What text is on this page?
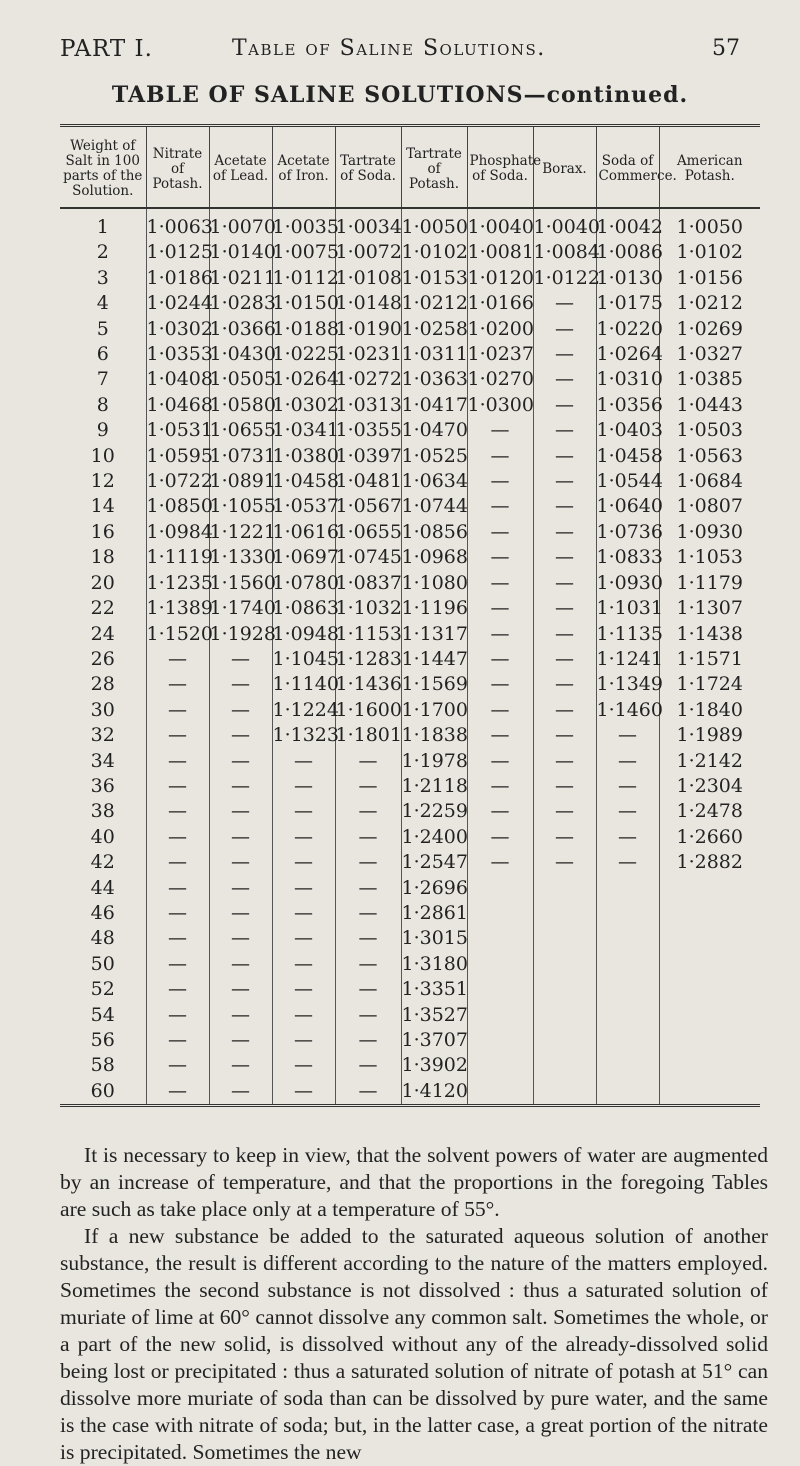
PART I.	Table of Saline Solutions.	57
TABLE OF SALINE SOLUTIONS—continued.
Weight of Salt in 100 parts of the Solution.	Nitrate of Potash.	Acetate of Lead.	Acetate of Iron.	Tartrate of Soda.	Tartrate of Potash.	Phosphate of Soda.	Borax.	Soda of Commerce.	American Potash.
1	1·0063	1·0070	1·0035	1·0034	1·0050	1·0040	1·0040	1·0042	1·0050
2	1·0125	1·0140	1·0075	1·0072	1·0102	1·0081	1·0084	1·0086	1·0102
3	1·0186	1·0211	1·0112	1·0108	1·0153	1·0120	1·0122	1·0130	1·0156
4	1·0244	1·0283	1·0150	1·0148	1·0212	1·0166	—	1·0175	1·0212
5	1·0302	1·0366	1·0188	1·0190	1·0258	1·0200	—	1·0220	1·0269
6	1·0353	1·0430	1·0225	1·0231	1·0311	1·0237	—	1·0264	1·0327
7	1·0408	1·0505	1·0264	1·0272	1·0363	1·0270	—	1·0310	1·0385
8	1·0468	1·0580	1·0302	1·0313	1·0417	1·0300	—	1·0356	1·0443
9	1·0531	1·0655	1·0341	1·0355	1·0470	—	—	1·0403	1·0503
10	1·0595	1·0731	1·0380	1·0397	1·0525	—	—	1·0458	1·0563
12	1·0722	1·0891	1·0458	1·0481	1·0634	—	—	1·0544	1·0684
14	1·0850	1·1055	1·0537	1·0567	1·0744	—	—	1·0640	1·0807
16	1·0984	1·1221	1·0616	1·0655	1·0856	—	—	1·0736	1·0930
18	1·1119	1·1330	1·0697	1·0745	1·0968	—	—	1·0833	1·1053
20	1·1235	1·1560	1·0780	1·0837	1·1080	—	—	1·0930	1·1179
22	1·1389	1·1740	1·0863	1·1032	1·1196	—	—	1·1031	1·1307
24	1·1520	1·1928	1·0948	1·1153	1·1317	—	—	1·1135	1·1438
26	—	—	1·1045	1·1283	1·1447	—	—	1·1241	1·1571
28	—	—	1·1140	1·1436	1·1569	—	—	1·1349	1·1724
30	—	—	1·1224	1·1600	1·1700	—	—	1·1460	1·1840
32	—	—	1·1323	1·1801	1·1838	—	—	—	1·1989
34	—	—	—	—	1·1978	—	—	—	1·2142
36	—	—	—	—	1·2118	—	—	—	1·2304
38	—	—	—	—	1·2259	—	—	—	1·2478
40	—	—	—	—	1·2400	—	—	—	1·2660
42	—	—	—	—	1·2547	—	—	—	1·2882
44	—	—	—	—	1·2696				
46	—	—	—	—	1·2861				
48	—	—	—	—	1·3015				
50	—	—	—	—	1·3180				
52	—	—	—	—	1·3351				
54	—	—	—	—	1·3527				
56	—	—	—	—	1·3707				
58	—	—	—	—	1·3902				
60	—	—	—	—	1·4120				

It is necessary to keep in view, that the solvent powers of water are augmented by an increase of temperature, and that the proportions in the foregoing Tables are such as take place only at a temperature of 55°.

If a new substance be added to the saturated aqueous solution of another substance, the result is different according to the nature of the matters employed. Sometimes the second substance is not dissolved : thus a saturated solution of muriate of lime at 60° cannot dissolve any common salt. Sometimes the whole, or a part of the new solid, is dissolved without any of the already-dissolved solid being lost or precipitated : thus a saturated solution of nitrate of potash at 51° can dissolve more muriate of soda than can be dissolved by pure water, and the same is the case with nitrate of soda; but, in the latter case, a great portion of the nitrate is precipitated. Sometimes the new
